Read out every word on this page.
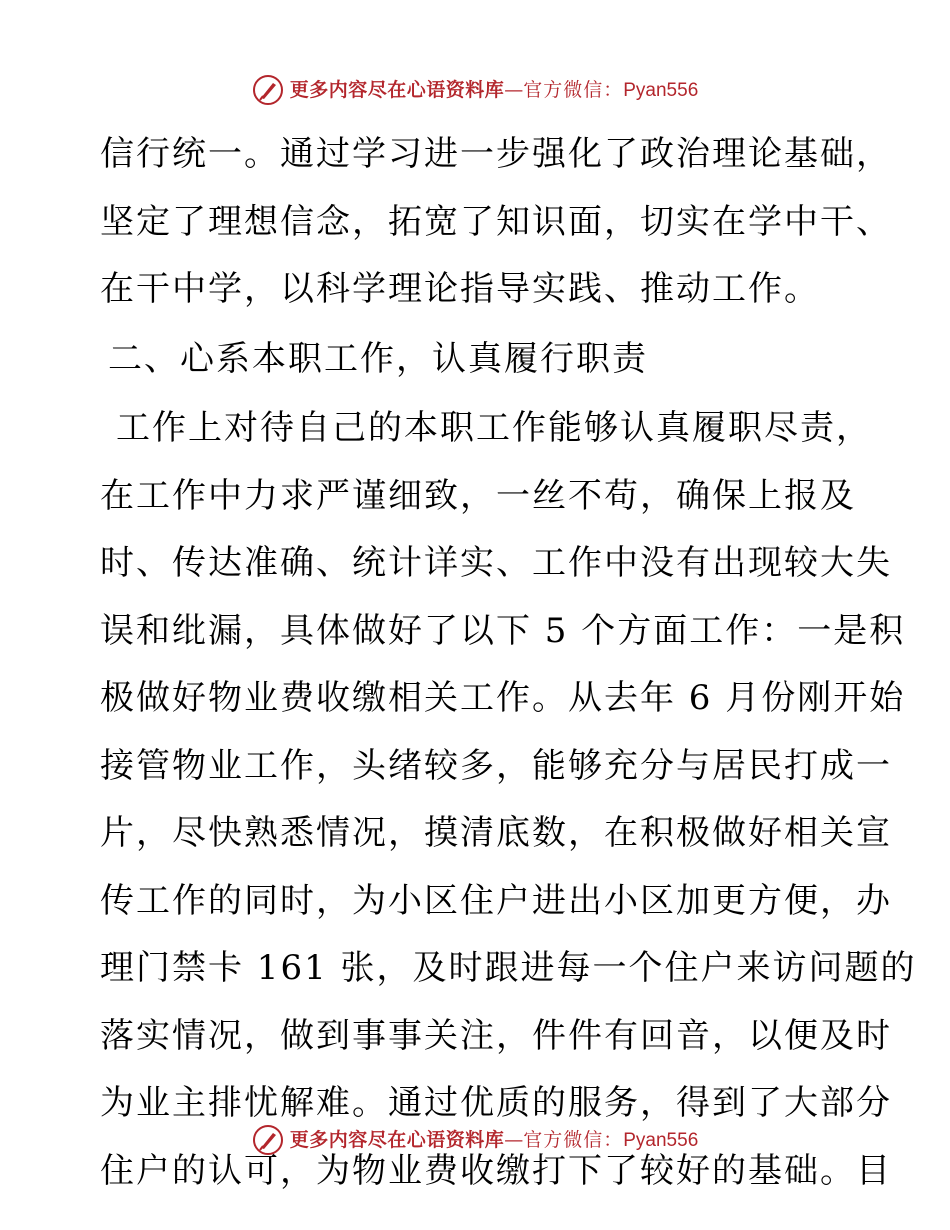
更多内容尽在心语资料库 — 官方微信： Pyan556
信行统一。通过学习进一步强化了政治理论基础，
坚定了理想信念，拓宽了知识面，切实在学中干、
在干中学，以科学理论指导实践、推动工作。
二、心系本职工作，认真履行职责
工作上对待自己的本职工作能够认真履职尽责，
在工作中力求严谨细致，一丝不苟，确保上报及
时、传达准确、统计详实、工作中没有出现较大失
误和纰漏，具体做好了以下 5 个方面工作：一是积
极做好物业费收缴相关工作。从去年 6 月份刚开始
接管物业工作，头绪较多，能够充分与居民打成一
片，尽快熟悉情况，摸清底数，在积极做好相关宣
传工作的同时，为小区住户进出小区加更方便，办
理门禁卡 161 张，及时跟进每一个住户来访问题的
落实情况，做到事事关注，件件有回音，以便及时
为业主排忧解难。通过优质的服务，得到了大部分
住户的认可，为物业费收缴打下了较好的基础。目
更多内容尽在心语资料库 — 官方微信： Pyan556
